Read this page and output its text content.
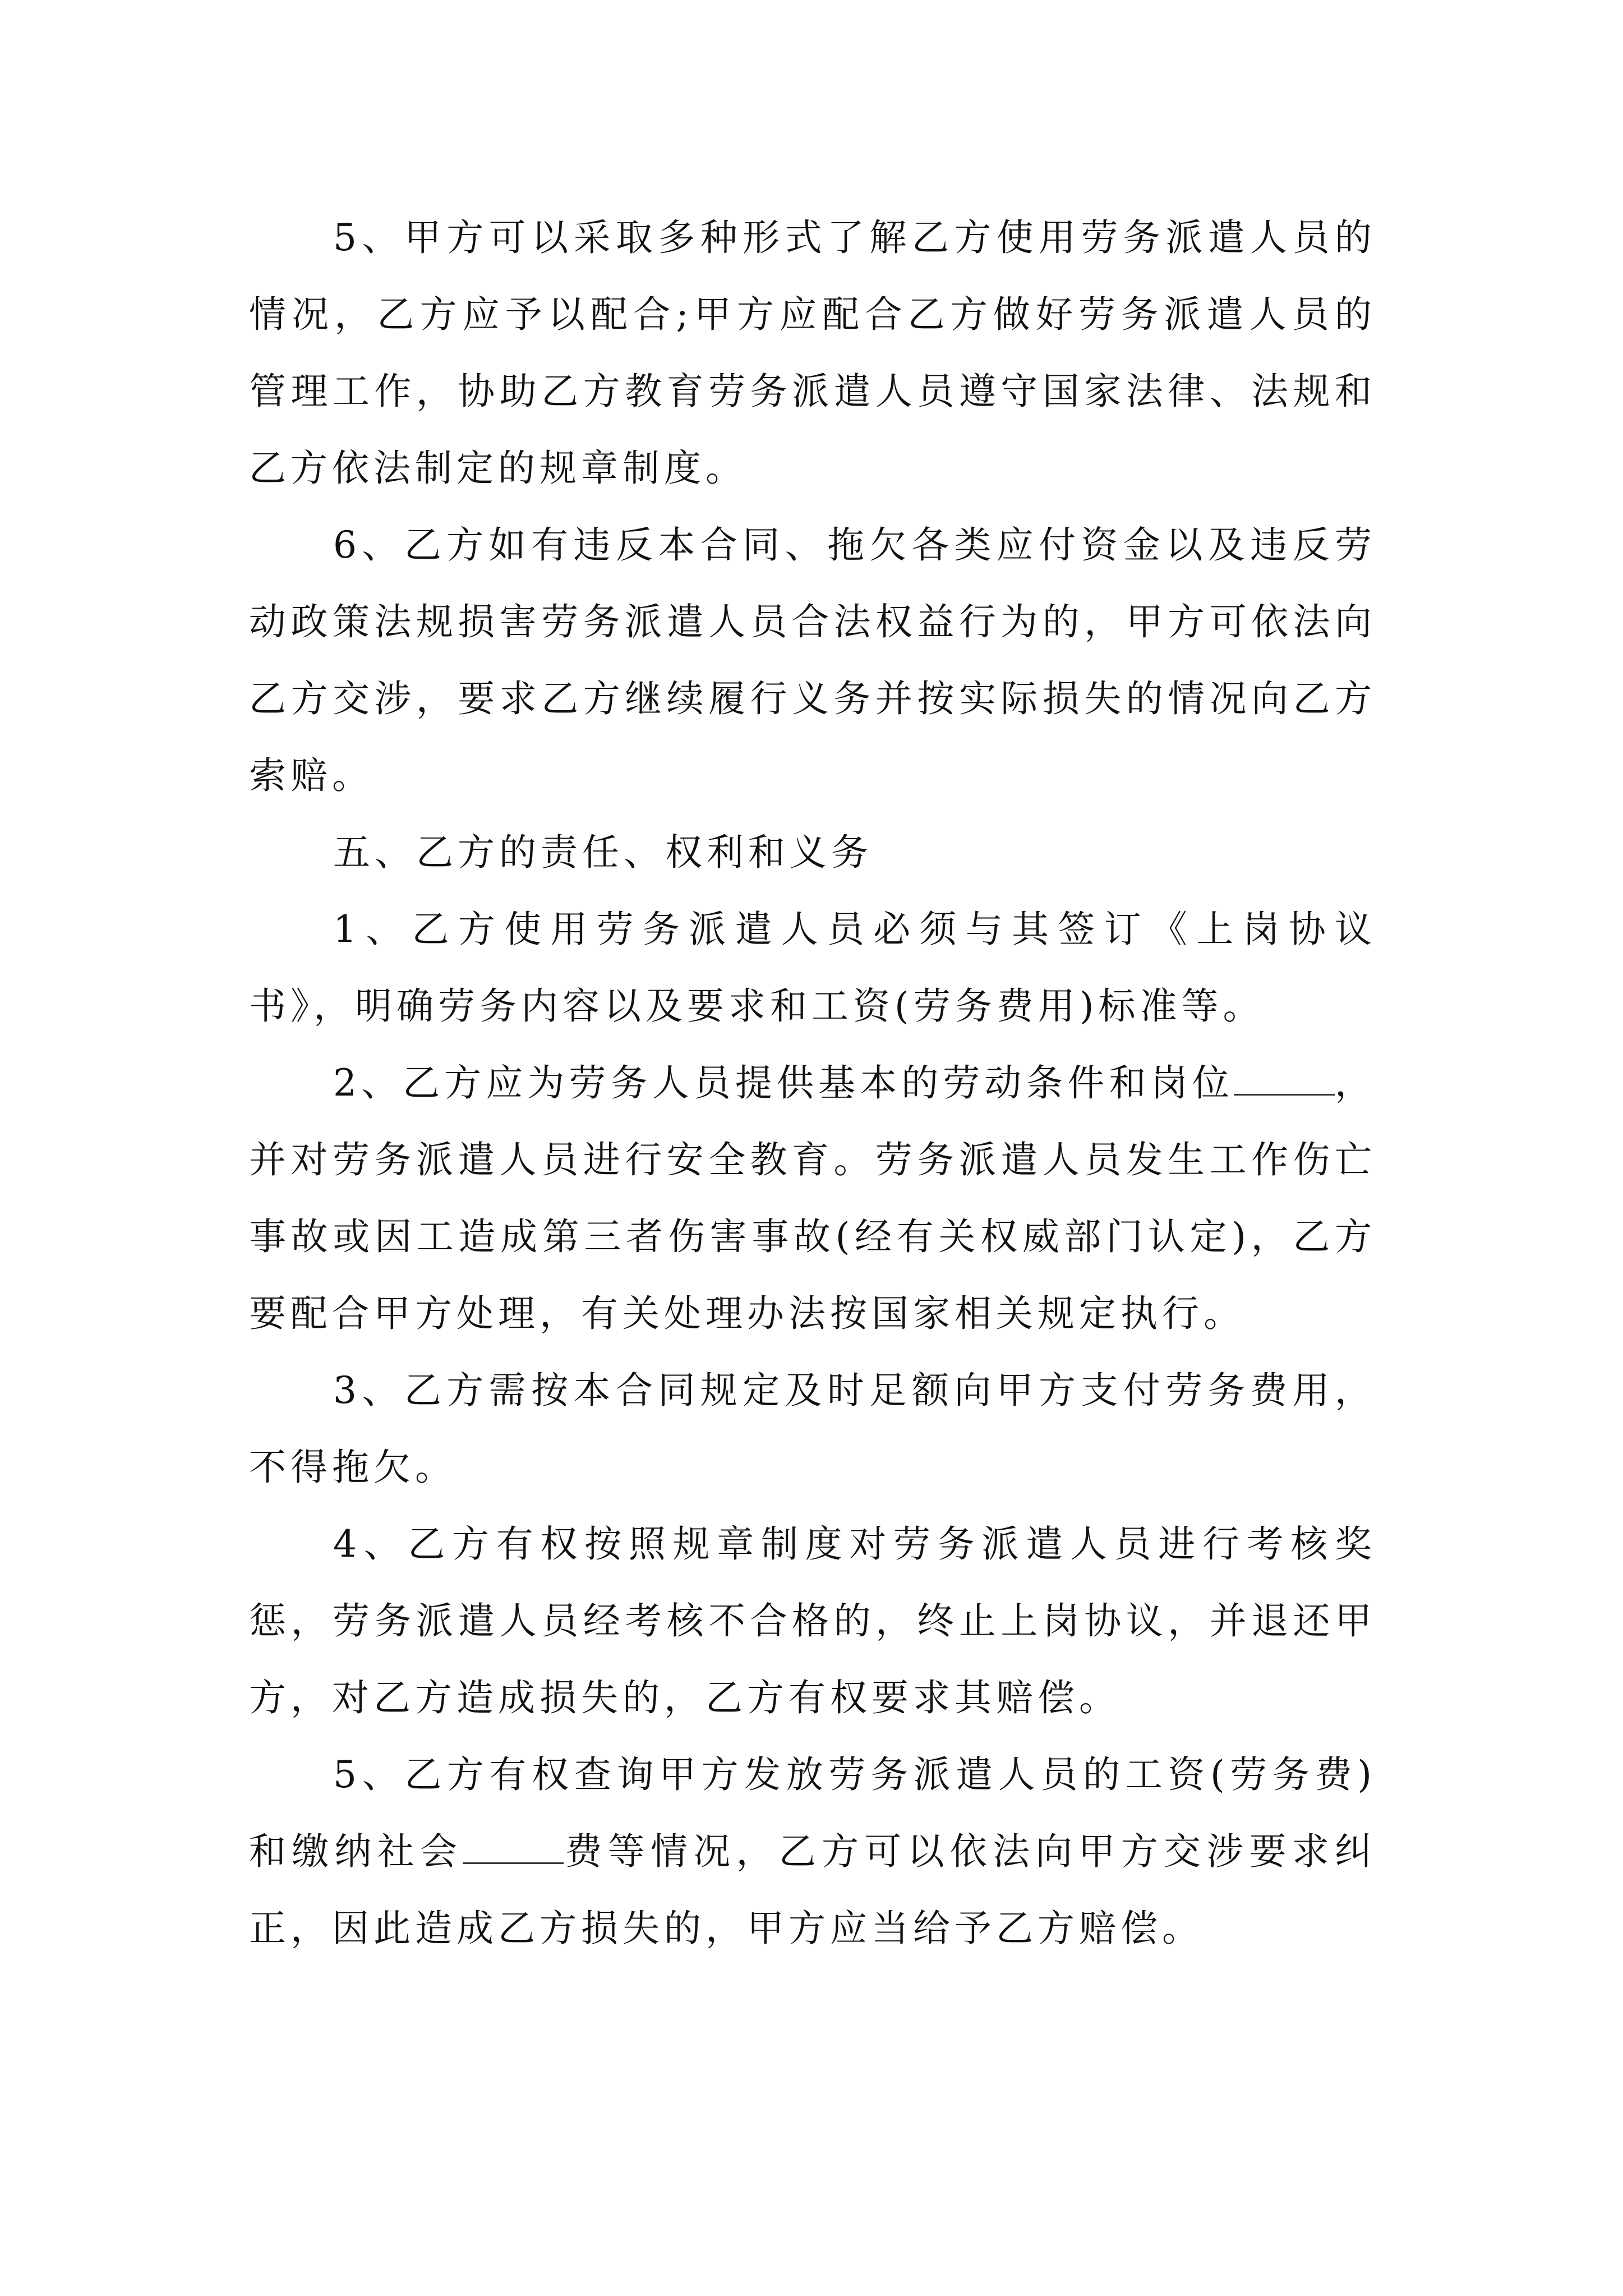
5、甲方可以采取多种形式了解乙方使用劳务派遣人员的情况，乙方应予以配合;甲方应配合乙方做好劳务派遣人员的管理工作，协助乙方教育劳务派遣人员遵守国家法律、法规和乙方依法制定的规章制度。

6、乙方如有违反本合同、拖欠各类应付资金以及违反劳动政策法规损害劳务派遣人员合法权益行为的，甲方可依法向乙方交涉，要求乙方继续履行义务并按实际损失的情况向乙方索赔。

五、乙方的责任、权利和义务

1、乙方使用劳务派遣人员必须与其签订《上岗协议书》，明确劳务内容以及要求和工资(劳务费用)标准等。

2、乙方应为劳务人员提供基本的劳动条件和岗位	，并对劳务派遣人员进行安全教育。劳务派遣人员发生工作伤亡事故或因工造成第三者伤害事故(经有关权威部门认定)，乙方要配合甲方处理，有关处理办法按国家相关规定执行。

3、乙方需按本合同规定及时足额向甲方支付劳务费用，不得拖欠。

4、乙方有权按照规章制度对劳务派遣人员进行考核奖惩，劳务派遣人员经考核不合格的，终止上岗协议，并退还甲方，对乙方造成损失的，乙方有权要求其赔偿。

5、乙方有权查询甲方发放劳务派遣人员的工资(劳务费)和缴纳社会	费等情况，乙方可以依法向甲方交涉要求纠正，因此造成乙方损失的，甲方应当给予乙方赔偿。
